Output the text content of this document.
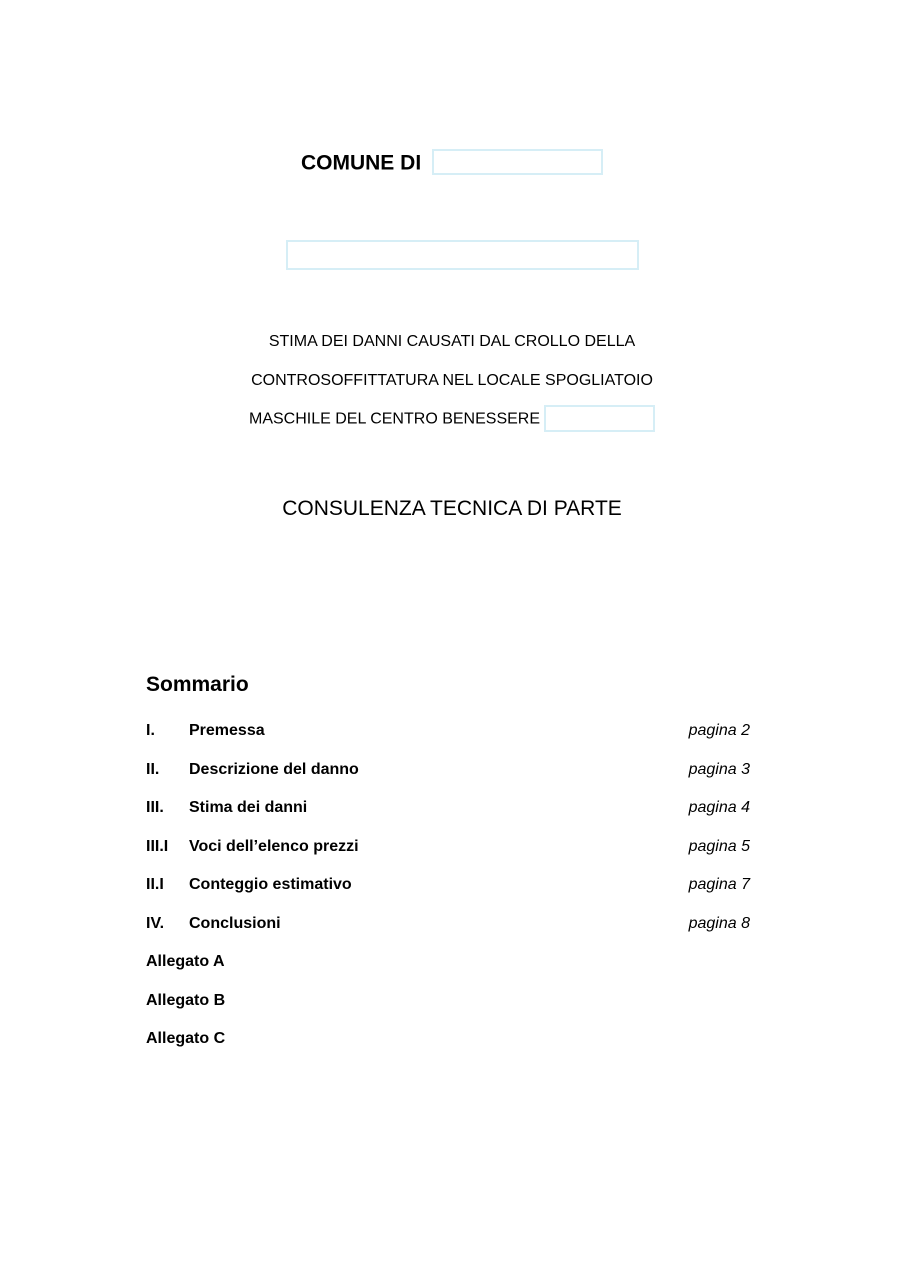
COMUNE DI
STIMA DEI DANNI CAUSATI DAL CROLLO DELLA
CONTROSOFFITTATURA NEL LOCALE SPOGLIATOIO
MASCHILE DEL CENTRO BENESSERE
CONSULENZA TECNICA DI PARTE
Sommario
I. Premessa	pagina 2
II. Descrizione del danno	pagina 3
III. Stima dei danni	pagina 4
III.I Voci dell’elenco prezzi	pagina 5
II.I Conteggio estimativo	pagina 7
IV. Conclusioni	pagina 8
Allegato A
Allegato B
Allegato C
